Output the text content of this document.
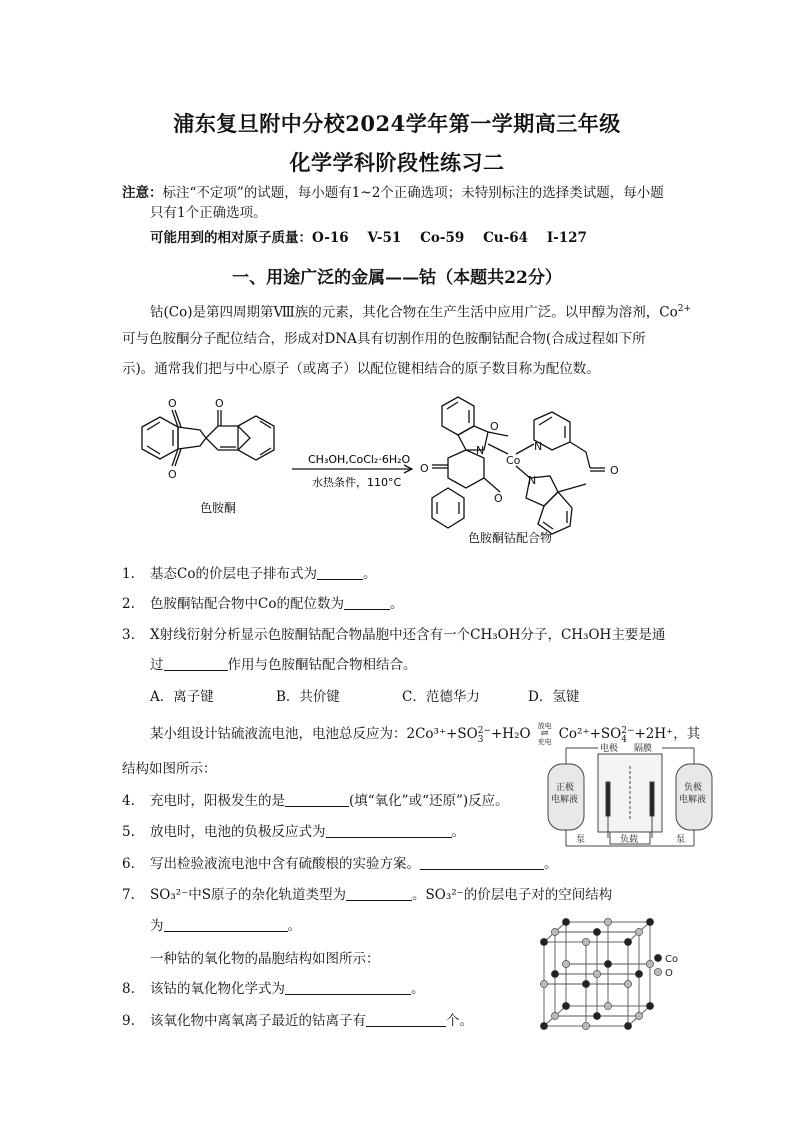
浦东复旦附中分校2024学年第一学期高三年级
化学学科阶段性练习二
注意：标注“不定项”的试题，每小题有1~2个正确选项；未特别标注的选择类试题，每小题
只有1个正确选项。
可能用到的相对原子质量：O-16    V-51    Co-59    Cu-64    I-127
一、用途广泛的金属——钴（本题共22分）
钴(Co)是第四周期第Ⅷ族的元素，其化合物在生产生活中应用广泛。以甲醇为溶剂，$Co^{2+}$
可与色胺酮分子配位结合，形成对DNA具有切割作用的色胺酮钴配合物(合成过程如下所
示)。通常我们把与中心原子（或离子）以配位键相结合的原子数目称为配位数。
O
O
O
O
Co
N	N
N
O
O
O
CH₃OH,CoCl₂·6H₂O
水热条件，110°C
色胺酮
色胺酮钴配合物
1. 基态Co的价层电子排布式为	。
2. 色胺酮钴配合物中Co的配位数为	。
3. X射线衍射分析显示色胺酮钴配合物晶胞中还含有一个CH₃OH分子，CH₃OH主要是通
过	作用与色胺酮钴配合物相结合。
A．离子键	B．共价键	C．范德华力	D．氢键
某小组设计钴硫液流电池，电池总反应为：2Co³⁺+SO 2−
3 +H₂O	放电
⇌
充电 Co²⁺+SO 2−
4 +2H⁺，其
结构如图所示：
4. 充电时，阳极发生的是	(填“氧化”或“还原”)反应。
5. 放电时，电池的负极反应式为	。
6. 写出检验液流电池中含有硫酸根的实验方案。	。
7. SO₃²⁻中S原子的杂化轨道类型为	。SO₃²⁻的价层电子对的空间结构
为	。
一种钴的氧化物的晶胞结构如图所示：
8. 该钴的氧化物化学式为	。
9. 该氧化物中离氧离子最近的钴离子有	个。
正极
电解液
负极
电解液
电极 隔膜
泵	泵
负载
Co
O
